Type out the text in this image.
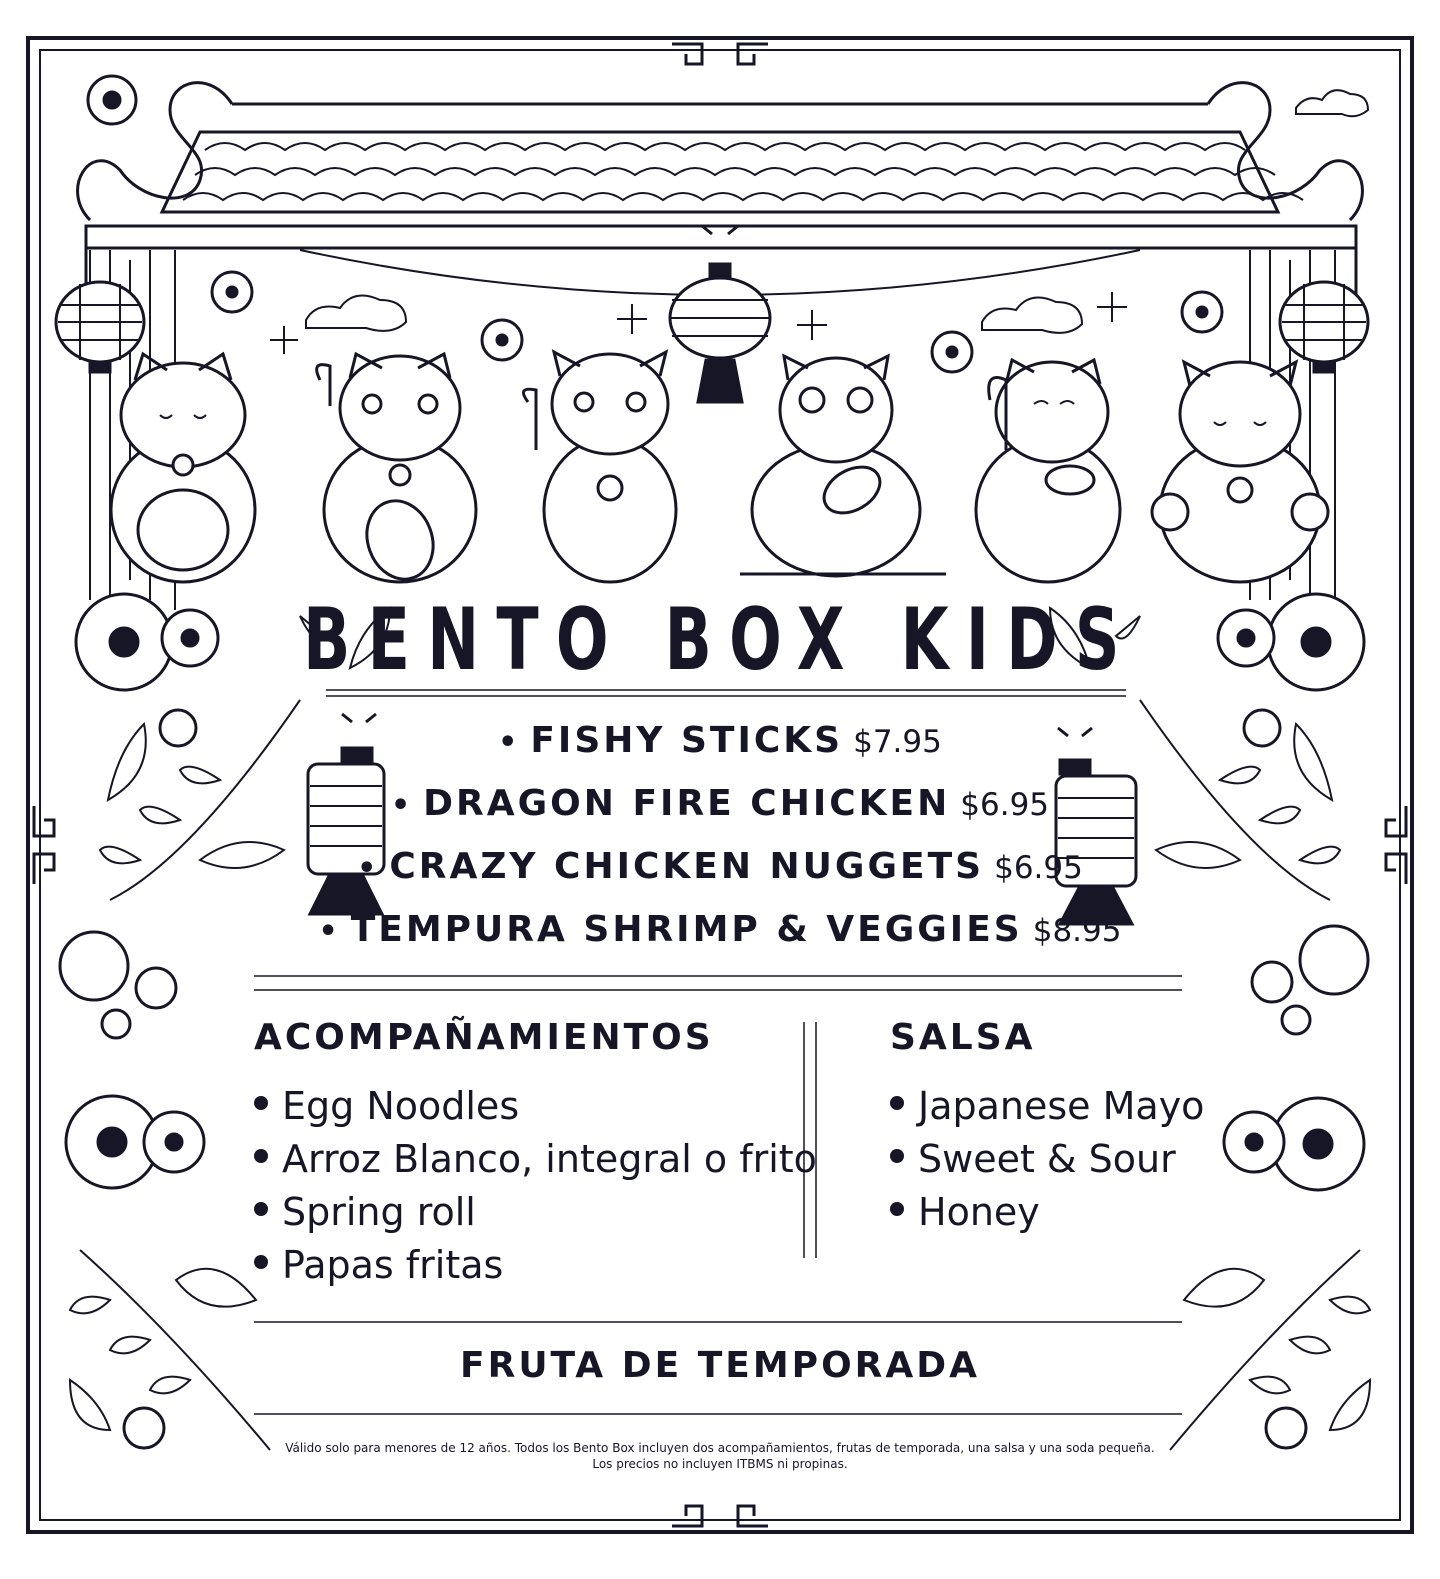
BENTO BOX KIDS
• FISHY STICKS $7.95
• DRAGON FIRE CHICKEN $6.95
• CRAZY CHICKEN NUGGETS $6.95
• TEMPURA SHRIMP & VEGGIES $8.95
ACOMPAÑAMIENTOS
Egg Noodles
Arroz Blanco, integral o frito
Spring roll
Papas fritas
SALSA
Japanese Mayo
Sweet & Sour
Honey
FRUTA DE TEMPORADA
Válido solo para menores de 12 años. Todos los Bento Box incluyen dos acompañamientos, frutas de temporada, una salsa y una soda pequeña.
Los precios no incluyen ITBMS ni propinas.
